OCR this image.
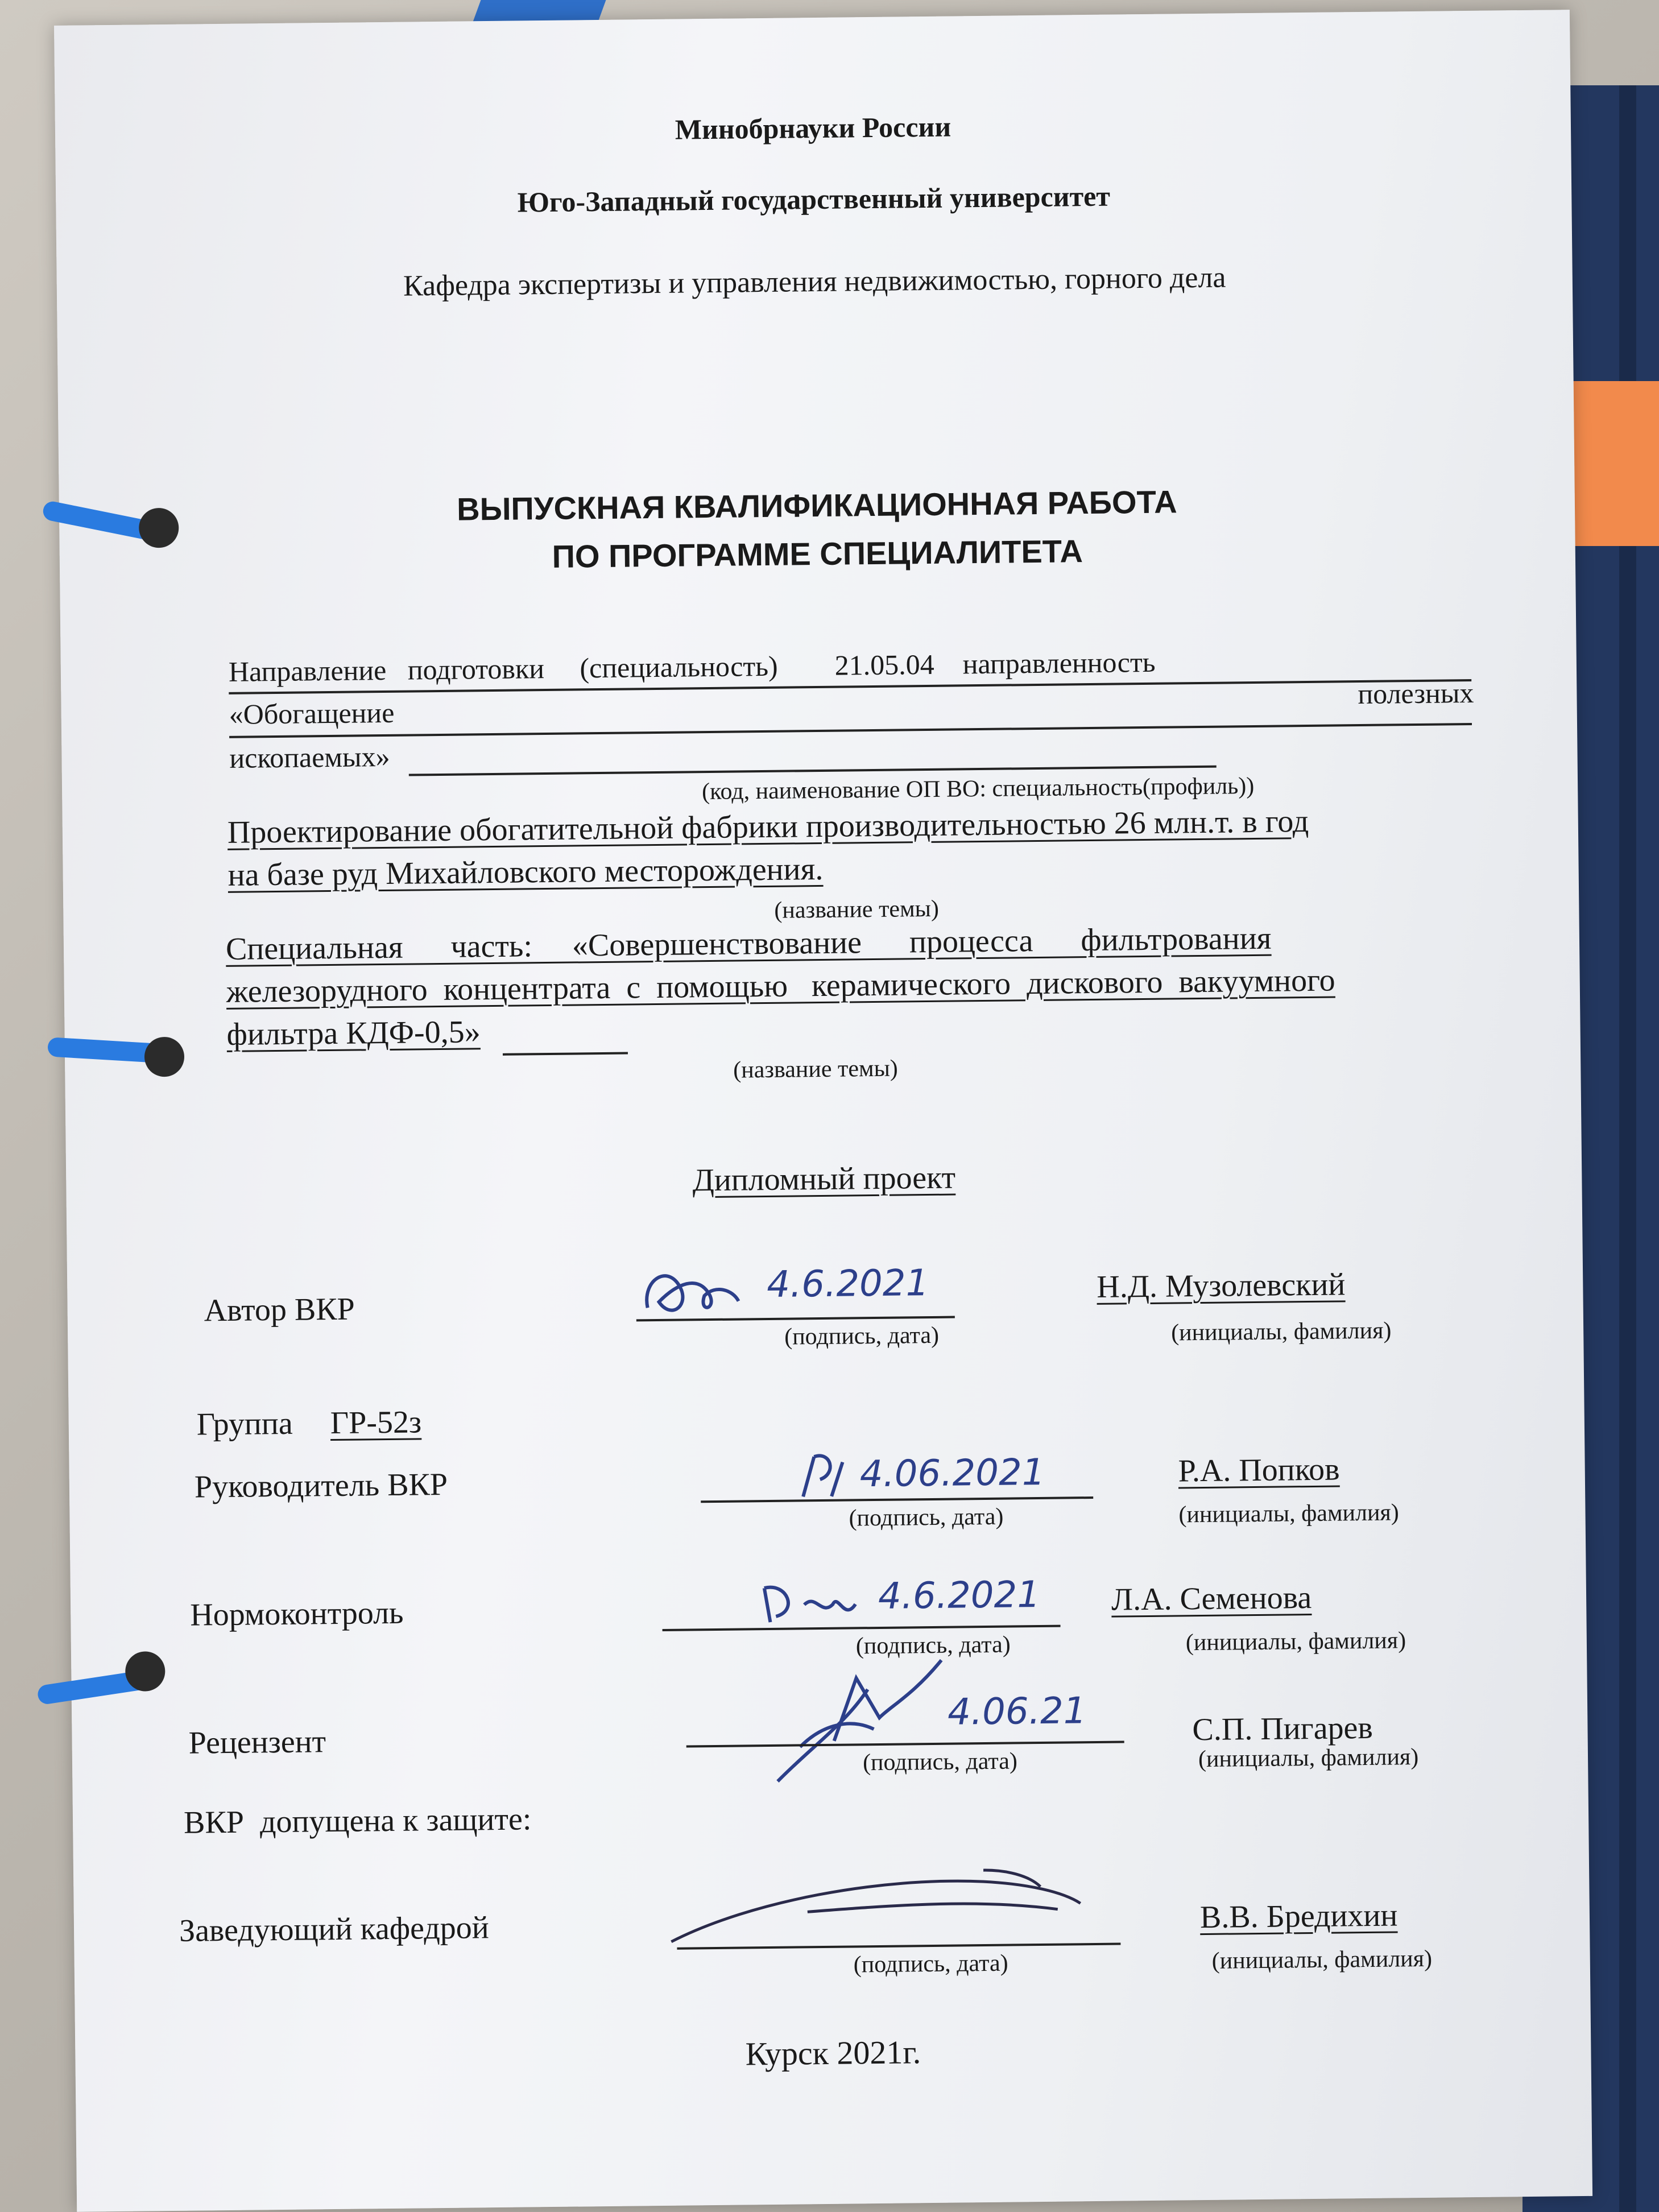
Минобрнауки России
Юго-Западный государственный университет
Кафедра экспертизы и управления недвижимостью, горного дела
ВЫПУСКНАЯ КВАЛИФИКАЦИОННАЯ РАБОТА
ПО ПРОГРАММЕ СПЕЦИАЛИТЕТА
Направление   подготовки     (специальность)        21.05.04    направленность
«Обогащение
полезных
ископаемых»
(код, наименование ОП ВО: специальность(профиль))
Проектирование обогатительной фабрики производительностью 26 млн.т. в год
на базе руд Михайловского месторождения.
(название темы)
Специальная      часть:     «Совершенствование      процесса      фильтрования
железорудного  концентрата  с  помощью   керамического  дискового  вакуумного
фильтра КДФ-0,5»
(название темы)
Дипломный проект
Автор ВКР
4.6.2021
(подпись, дата)
Н.Д. Музолевский
(инициалы, фамилия)
Группа ГР-52з
Руководитель ВКР	4.06.2021
(подпись, дата)
Р.А. Попков
(инициалы, фамилия)
Нормоконтроль	4.6.2021
(подпись, дата)
Л.А. Семенова
(инициалы, фамилия)
Рецензент
4.06.21
(подпись, дата)
С.П. Пигарев
(инициалы, фамилия)
ВКР  допущена к защите:
Заведующий кафедрой
(подпись, дата)
В.В. Бредихин
(инициалы, фамилия)
Курск 2021г.
